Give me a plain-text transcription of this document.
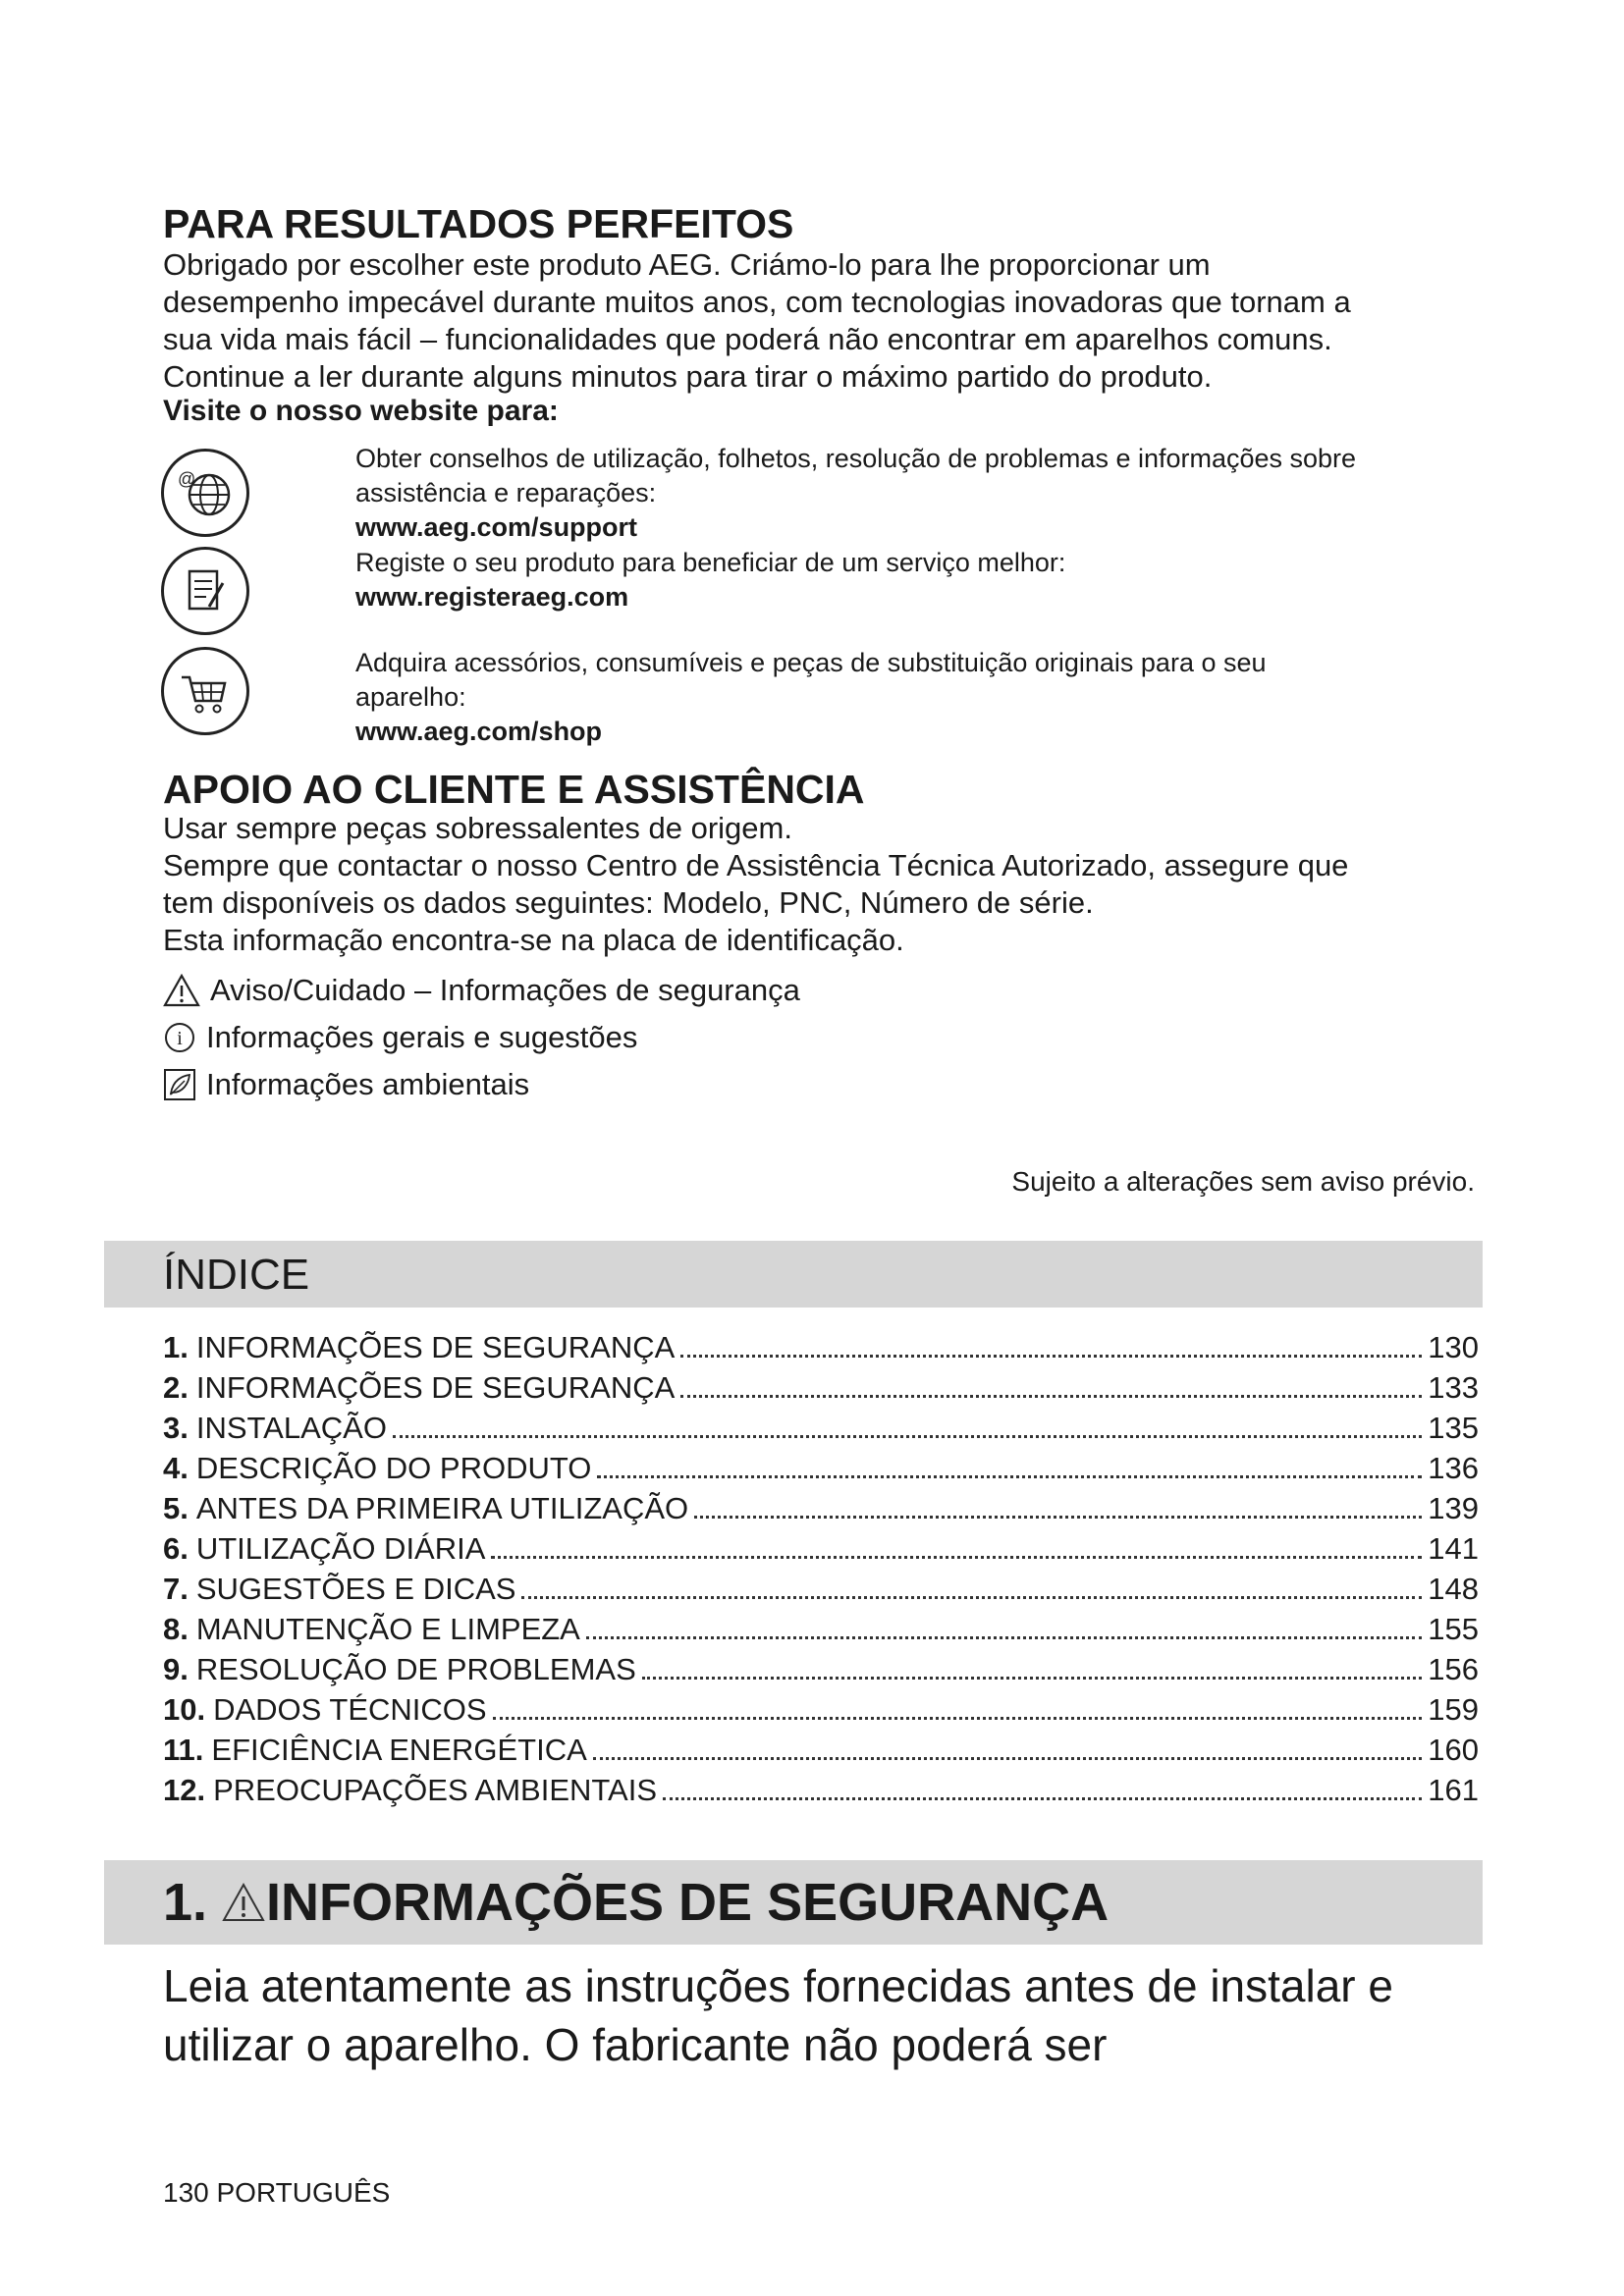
PARA RESULTADOS PERFEITOS

Obrigado por escolher este produto AEG. Criámo-lo para lhe proporcionar um

desempenho impecável durante muitos anos, com tecnologias inovadoras que tornam a

sua vida mais fácil – funcionalidades que poderá não encontrar em aparelhos comuns.

Continue a ler durante alguns minutos para tirar o máximo partido do produto.

Visite o nosso website para:
@
Obter conselhos de utilização, folhetos, resolução de problemas e informações sobre
assistência e reparações:
www.aeg.com/support
Registe o seu produto para beneficiar de um serviço melhor:
www.registeraeg.com
Adquira acessórios, consumíveis e peças de substituição originais para o seu
aparelho:
www.aeg.com/shop
APOIO AO CLIENTE E ASSISTÊNCIA

Usar sempre peças sobressalentes de origem.

Sempre que contactar o nosso Centro de Assistência Técnica Autorizado, assegure que

tem disponíveis os dados seguintes: Modelo, PNC, Número de série.

Esta informação encontra-se na placa de identificação.

Aviso/Cuidado – Informações de segurança
i Informações gerais e sugestões
Informações ambientais
Sujeito a alterações sem aviso prévio.
ÍNDICE
1. INFORMAÇÕES DE SEGURANÇA	130
2. INFORMAÇÕES DE SEGURANÇA	133
3. INSTALAÇÃO	135
4. DESCRIÇÃO DO PRODUTO	136
5. ANTES DA PRIMEIRA UTILIZAÇÃO	139
6. UTILIZAÇÃO DIÁRIA	141
7. SUGESTÕES E DICAS	148
8. MANUTENÇÃO E LIMPEZA	155
9. RESOLUÇÃO DE PROBLEMAS	156
10. DADOS TÉCNICOS	159
11. EFICIÊNCIA ENERGÉTICA	160
12. PREOCUPAÇÕES AMBIENTAIS	161
1. INFORMAÇÕES DE SEGURANÇA
Leia atentamente as instruções fornecidas antes de instalar e
utilizar o aparelho. O fabricante não poderá ser
130 PORTUGUÊS
